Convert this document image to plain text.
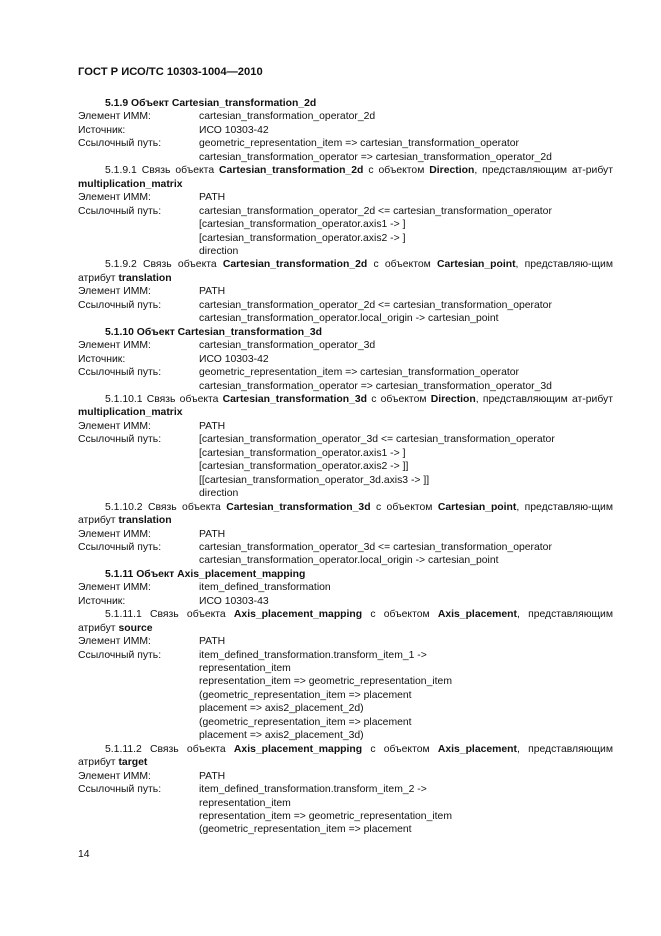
ГОСТ Р ИСО/ТС 10303-1004—2010
5.1.9 Объект Cartesian_transformation_2d
Элемент ИММ:	cartesian_transformation_operator_2d
Источник:	ИСО 10303-42
Ссылочный путь:	geometric_representation_item => cartesian_transformation_operator
cartesian_transformation_operator => cartesian_transformation_operator_2d
5.1.9.1 Связь объекта Cartesian_transformation_2d с объектом Direction, представляющим ат-рибут multiplication_matrix
Элемент ИММ:	PATH
Ссылочный путь:	cartesian_transformation_operator_2d <= cartesian_transformation_operator
[cartesian_transformation_operator.axis1 -> ]
[cartesian_transformation_operator.axis2 -> ]
direction
5.1.9.2 Связь объекта Cartesian_transformation_2d с объектом Cartesian_point, представляю-щим атрибут translation
Элемент ИММ:	PATH
Ссылочный путь:	cartesian_transformation_operator_2d <= cartesian_transformation_operator
cartesian_transformation_operator.local_origin -> cartesian_point
5.1.10 Объект Cartesian_transformation_3d
Элемент ИММ:	cartesian_transformation_operator_3d
Источник:	ИСО 10303-42
Ссылочный путь:	geometric_representation_item => cartesian_transformation_operator
cartesian_transformation_operator => cartesian_transformation_operator_3d
5.1.10.1 Связь объекта Cartesian_transformation_3d с объектом Direction, представляющим ат-рибут multiplication_matrix
Элемент ИММ:	PATH
Ссылочный путь:	[cartesian_transformation_operator_3d <= cartesian_transformation_operator
[cartesian_transformation_operator.axis1 -> ]
[cartesian_transformation_operator.axis2 -> ]]
[[cartesian_transformation_operator_3d.axis3 -> ]]
direction
5.1.10.2 Связь объекта Cartesian_transformation_3d с объектом Cartesian_point, представляю-щим атрибут translation
Элемент ИММ:	PATH
Ссылочный путь:	cartesian_transformation_operator_3d <= cartesian_transformation_operator
cartesian_transformation_operator.local_origin -> cartesian_point
5.1.11 Объект Axis_placement_mapping
Элемент ИММ:	item_defined_transformation
Источник:	ИСО 10303-43
5.1.11.1 Связь объекта Axis_placement_mapping с объектом Axis_placement, представляющим атрибут source
Элемент ИММ:	PATH
Ссылочный путь:	item_defined_transformation.transform_item_1 ->
representation_item
representation_item => geometric_representation_item
(geometric_representation_item => placement
placement => axis2_placement_2d)
(geometric_representation_item => placement
placement => axis2_placement_3d)
5.1.11.2 Связь объекта Axis_placement_mapping с объектом Axis_placement, представляющим атрибут target
Элемент ИММ:	PATH
Ссылочный путь:	item_defined_transformation.transform_item_2 ->
representation_item
representation_item => geometric_representation_item
(geometric_representation_item => placement
14
